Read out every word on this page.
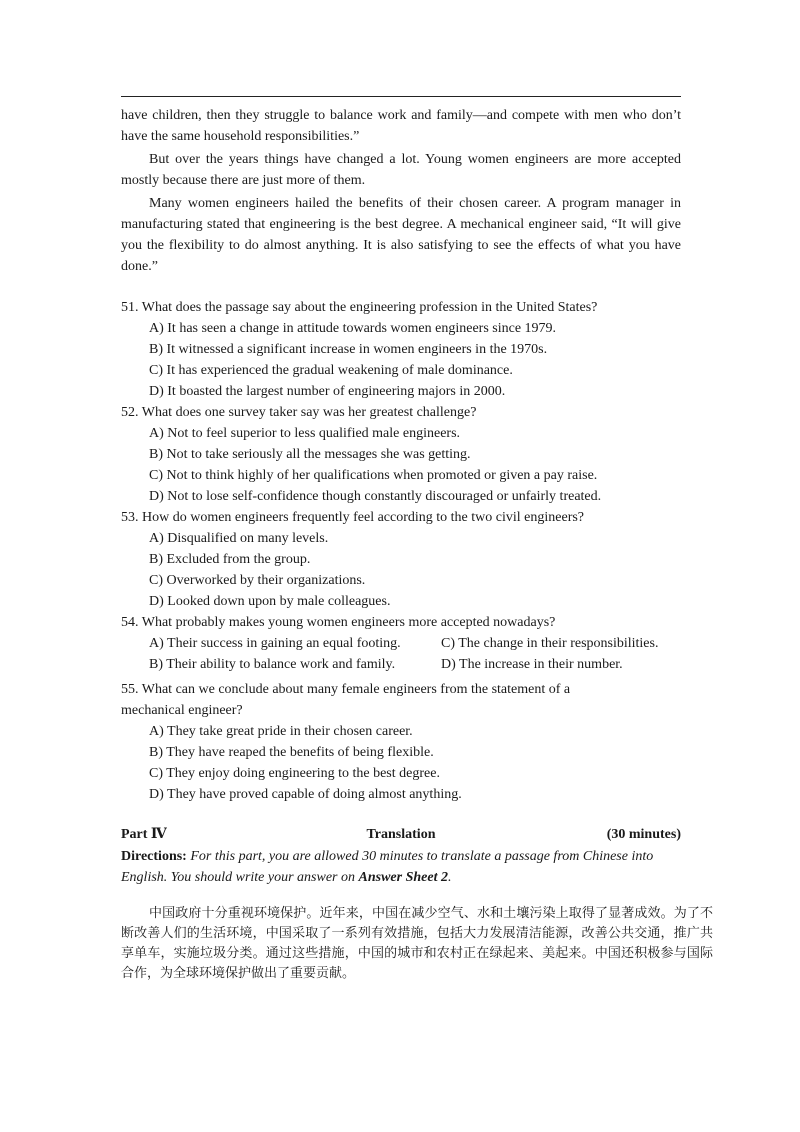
have children, then they struggle to balance work and family—and compete with men who don’t have the same household responsibilities.”

But over the years things have changed a lot. Young women engineers are more accepted mostly because there are just more of them.

Many women engineers hailed the benefits of their chosen career. A program manager in manufacturing stated that engineering is the best degree. A mechanical engineer said, “It will give you the flexibility to do almost anything. It is also satisfying to see the effects of what you have done.”

51. What does the passage say about the engineering profession in the United States?

A) It has seen a change in attitude towards women engineers since 1979.

B) It witnessed a significant increase in women engineers in the 1970s.

C) It has experienced the gradual weakening of male dominance.

D) It boasted the largest number of engineering majors in 2000.

52. What does one survey taker say was her greatest challenge?

A) Not to feel superior to less qualified male engineers.

B) Not to take seriously all the messages she was getting.

C) Not to think highly of her qualifications when promoted or given a pay raise.

D) Not to lose self-confidence though constantly discouraged or unfairly treated.

53. How do women engineers frequently feel according to the two civil engineers?

A) Disqualified on many levels.

B) Excluded from the group.

C) Overworked by their organizations.

D) Looked down upon by male colleagues.

54. What probably makes young women engineers more accepted nowadays?

A) Their success in gaining an equal footing.	C) The change in their responsibilities.
B) Their ability to balance work and family.	D) The increase in their number.

55. What can we conclude about many female engineers from the statement of a

mechanical engineer?

A) They take great pride in their chosen career.

B) They have reaped the benefits of being flexible.

C) They enjoy doing engineering to the best degree.

D) They have proved capable of doing almost anything.

Part Ⅳ	Translation	(30 minutes)
Directions: For this part, you are allowed 30 minutes to translate a passage from Chinese into English. You should write your answer on Answer Sheet 2.

中国政府十分重视环境保护。近年来，中国在减少空气、水和土壤污染上取得了显著成效。为了不断改善人们的生活环境，中国采取了一系列有效措施，包括大力发展清洁能源，改善公共交通，推广共享单车，实施垃圾分类。通过这些措施，中国的城市和农村正在绿起来、美起来。中国还积极参与国际合作，为全球环境保护做出了重要贡献。
